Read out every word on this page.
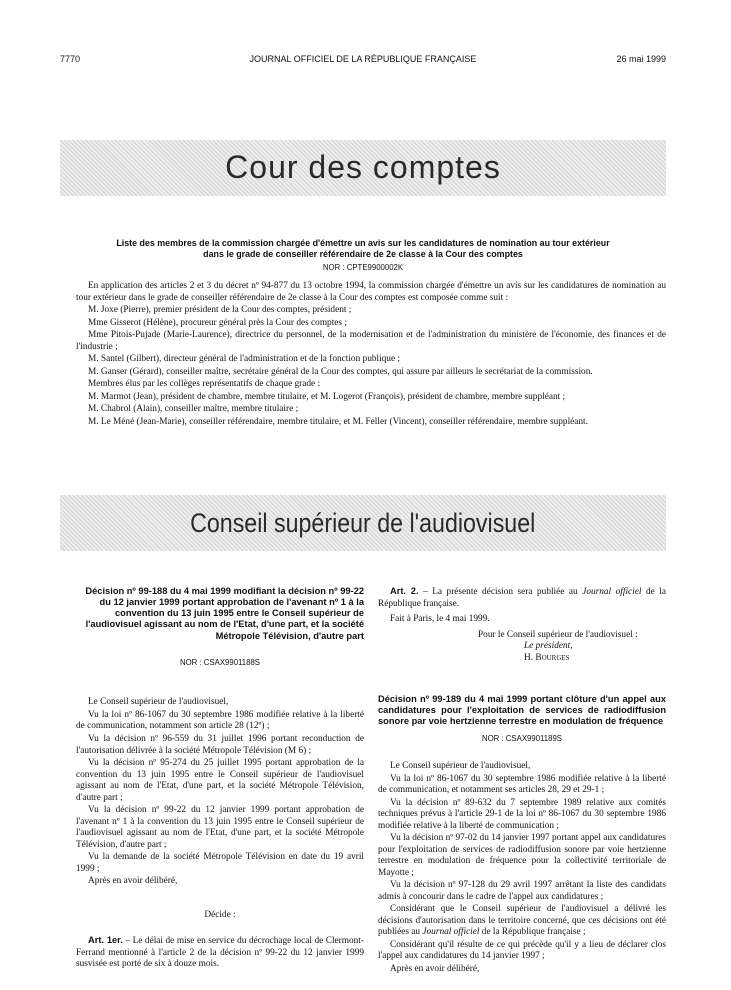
7770	JOURNAL OFFICIEL DE LA RÉPUBLIQUE FRANÇAISE	26 mai 1999
Cour des comptes
Liste des membres de la commission chargée d'émettre un avis sur les candidatures de nomination au tour extérieur
dans le grade de conseiller référendaire de 2e classe à la Cour des comptes
NOR : CPTE9900002K

En application des articles 2 et 3 du décret nº 94-877 du 13 octobre 1994, la commission chargée d'émettre un avis sur les candidatures de nomination au tour extérieur dans le grade de conseiller référendaire de 2e classe à la Cour des comptes est composée comme suit :

M. Joxe (Pierre), premier président de la Cour des comptes, président ;

Mme Gisserot (Hélène), procureur général près la Cour des comptes ;

Mme Pitois-Pujade (Marie-Laurence), directrice du personnel, de la modernisation et de l'administration du ministère de l'économie, des finances et de l'industrie ;

M. Santel (Gilbert), directeur général de l'administration et de la fonction publique ;

M. Ganser (Gérard), conseiller maître, secrétaire général de la Cour des comptes, qui assure par ailleurs le secrétariat de la commission.

Membres élus par les collèges représentatifs de chaque grade :

M. Marmot (Jean), président de chambre, membre titulaire, et M. Logerot (François), président de chambre, membre suppléant ;

M. Chabrol (Alain), conseiller maître, membre titulaire ;

M. Le Méné (Jean-Marie), conseiller référendaire, membre titulaire, et M. Feller (Vincent), conseiller référendaire, membre suppléant.

Conseil supérieur de l'audiovisuel
Décision nº 99-188 du 4 mai 1999 modifiant la décision nº 99-22 du 12 janvier 1999 portant approbation de l'avenant nº 1 à la convention du 13 juin 1995 entre le Conseil supérieur de l'audiovisuel agissant au nom de l'Etat, d'une part, et la société Métropole Télévision, d'autre part

NOR : CSAX9901188S

Le Conseil supérieur de l'audiovisuel,

Vu la loi nº 86-1067 du 30 septembre 1986 modifiée relative à la liberté de communication, notamment son article 28 (12º) ;

Vu la décision nº 96-559 du 31 juillet 1996 portant reconduction de l'autorisation délivrée à la société Métropole Télévision (M 6) ;

Vu la décision nº 95-274 du 25 juillet 1995 portant approbation de la convention du 13 juin 1995 entre le Conseil supérieur de l'audiovisuel agissant au nom de l'Etat, d'une part, et la société Métropole Télévision, d'autre part ;

Vu la décision nº 99-22 du 12 janvier 1999 portant approbation de l'avenant nº 1 à la convention du 13 juin 1995 entre le Conseil supérieur de l'audiovisuel agissant au nom de l'Etat, d'une part, et la société Métropole Télévision, d'autre part ;

Vu la demande de la société Métropole Télévision en date du 19 avril 1999 ;

Après en avoir délibéré,

Décide :

Art. 1er. – Le délai de mise en service du décrochage local de Clermont-Ferrand mentionné à l'article 2 de la décision nº 99-22 du 12 janvier 1999 susvisée est porté de six à douze mois.

Art. 2. – La présente décision sera publiée au Journal officiel de la République française.

Fait à Paris, le 4 mai 1999.

Pour le Conseil supérieur de l'audiovisuel :

Le président,

H. Bourges

Décision nº 99-189 du 4 mai 1999 portant clôture d'un appel aux candidatures pour l'exploitation de services de radiodiffusion sonore par voie hertzienne terrestre en modulation de fréquence

NOR : CSAX9901189S

Le Conseil supérieur de l'audiovisuel,

Vu la loi nº 86-1067 du 30 septembre 1986 modifiée relative à la liberté de communication, et notamment ses articles 28, 29 et 29-1 ;

Vu la décision nº 89-632 du 7 septembre 1989 relative aux comités techniques prévus à l'article 29-1 de la loi nº 86-1067 du 30 septembre 1986 modifiée relative à la liberté de communication ;

Vu la décision nº 97-02 du 14 janvier 1997 portant appel aux candidatures pour l'exploitation de services de radiodiffusion sonore par voie hertzienne terrestre en modulation de fréquence pour la collectivité territoriale de Mayotte ;

Vu la décision nº 97-128 du 29 avril 1997 arrêtant la liste des candidats admis à concourir dans le cadre de l'appel aux candidatures ;

Considérant que le Conseil supérieur de l'audiovisuel a délivré les décisions d'autorisation dans le territoire concerné, que ces décisions ont été publiées au Journal officiel de la République française ;

Considérant qu'il résulte de ce qui précède qu'il y a lieu de déclarer clos l'appel aux candidatures du 14 janvier 1997 ;

Après en avoir délibéré,
